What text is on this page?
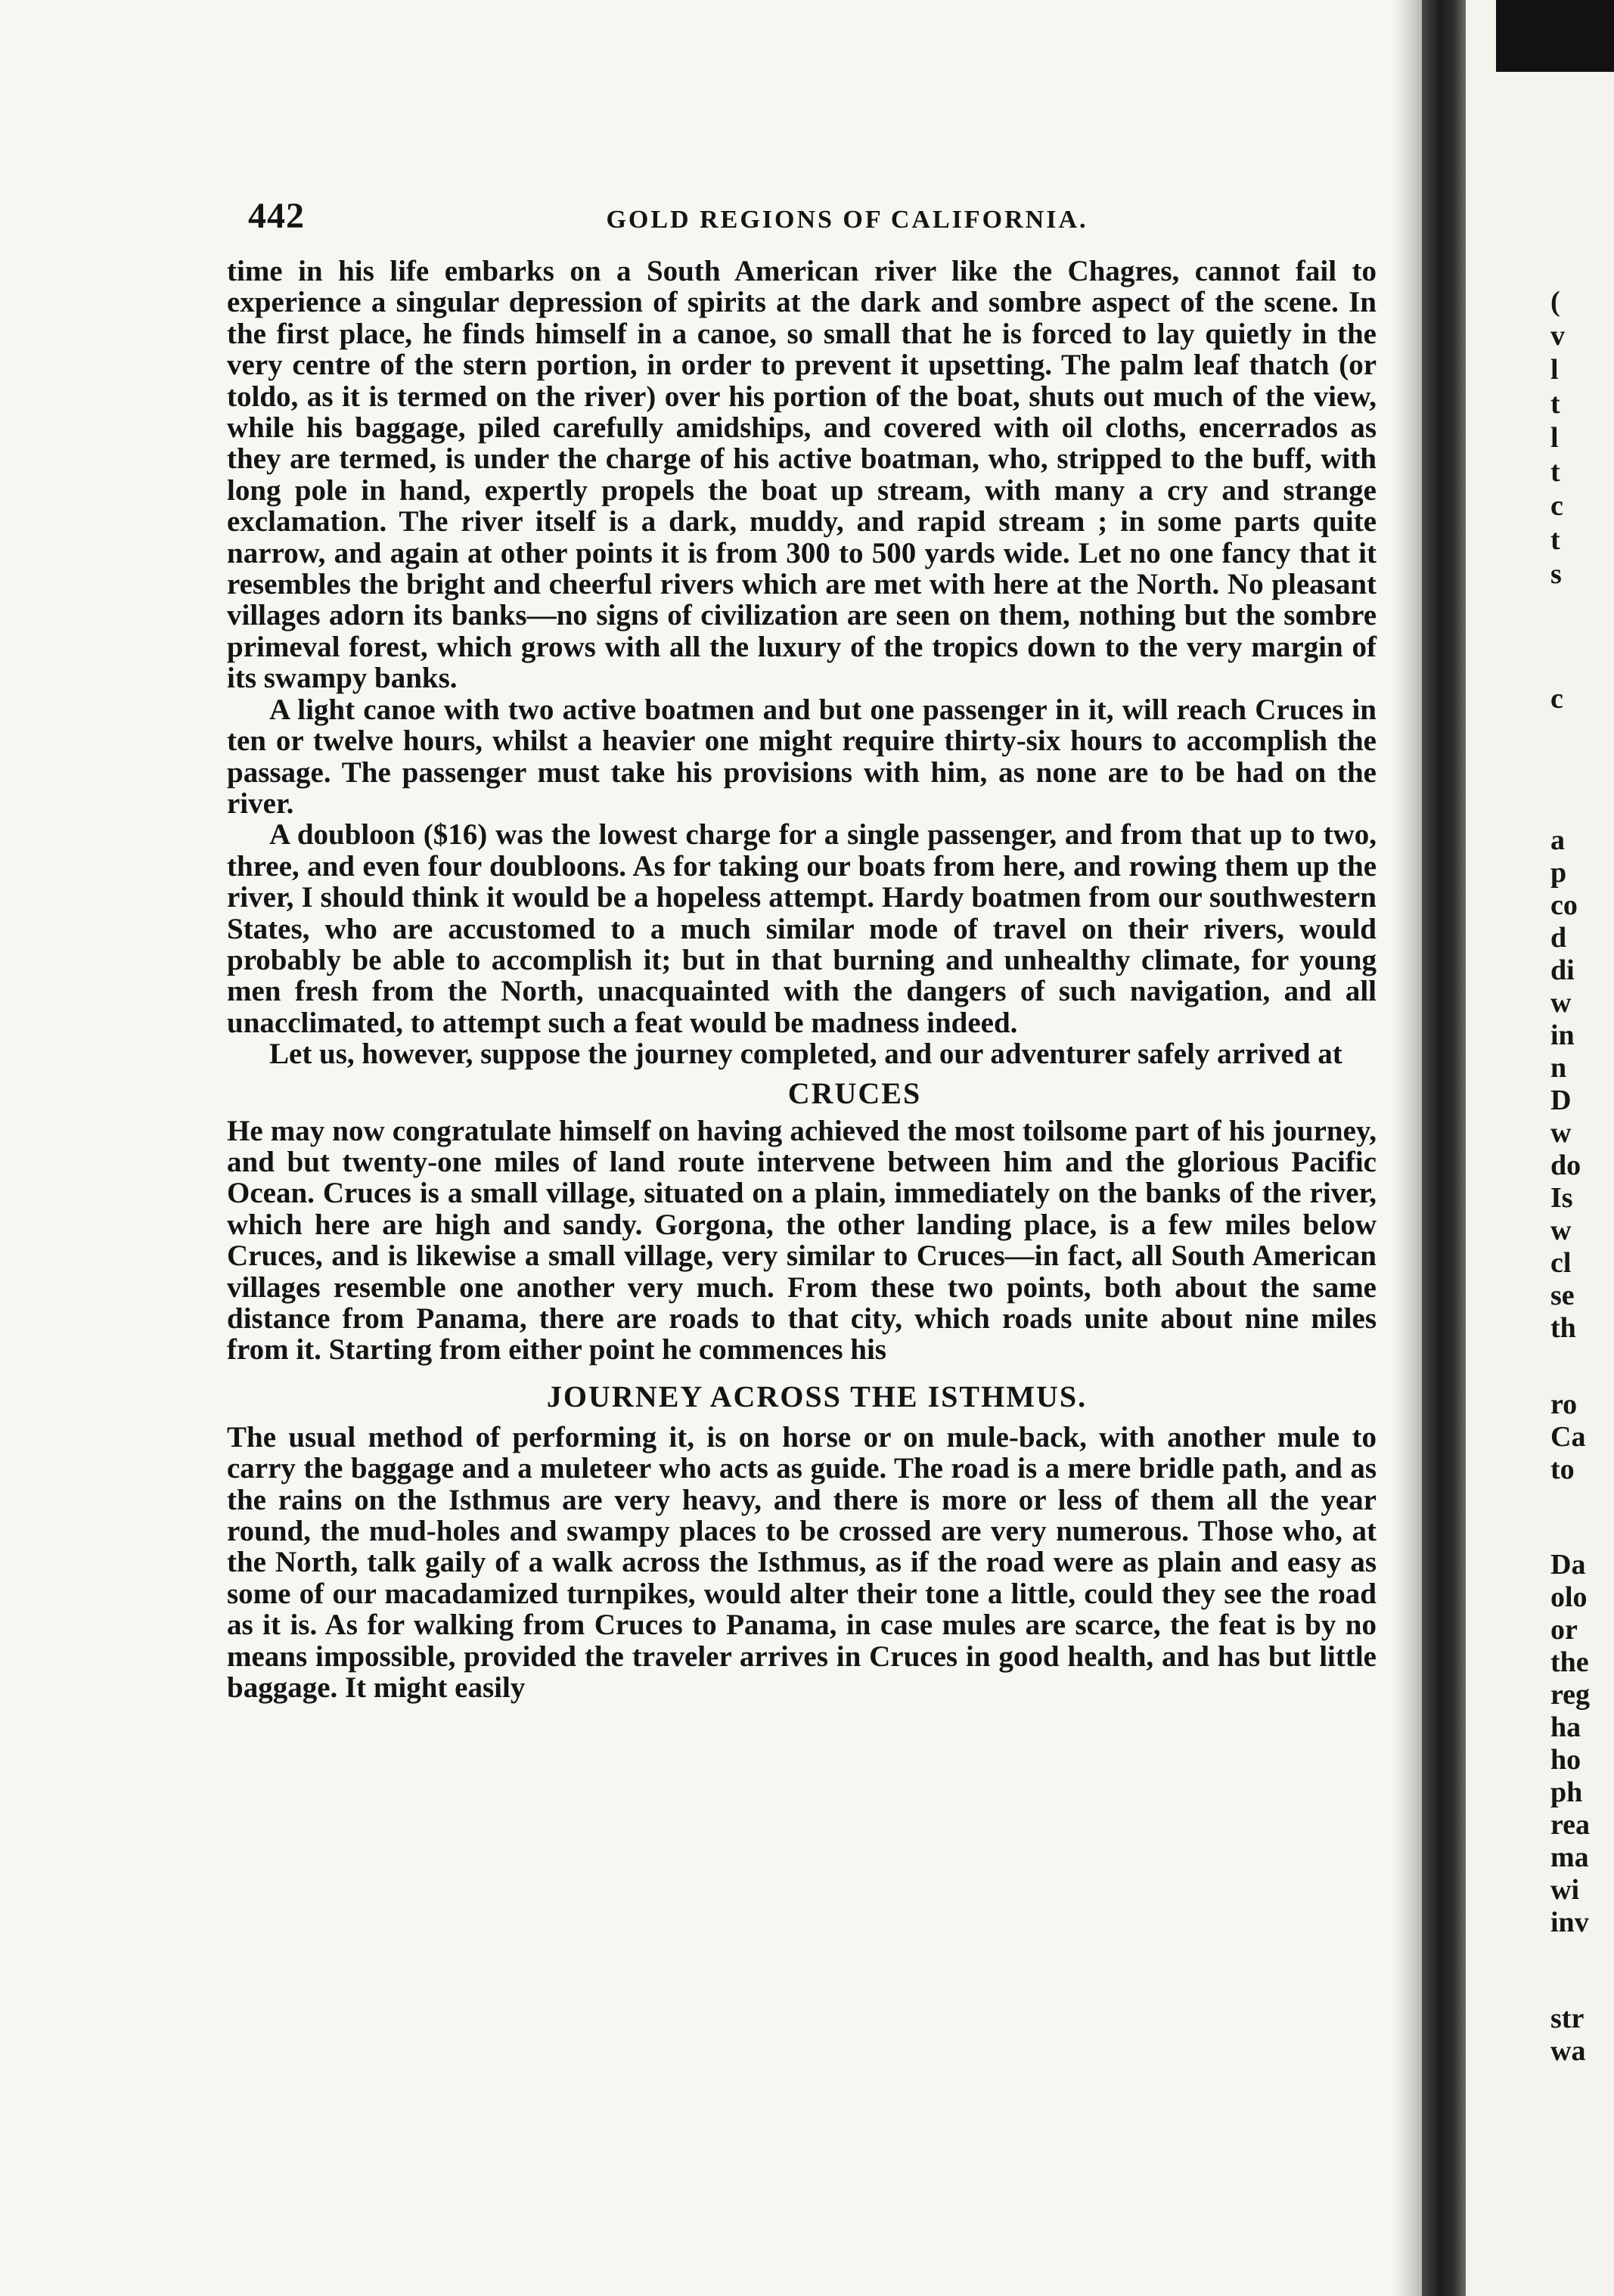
(
v
l
t
l
t
c
t
s
c
a
p
co
d
di
w
in
n
D
w
do
Is
w
cl
se
th
ro
Ca
to
Da
olo
or
the
reg
ha
ho
ph
rea
ma
wi
inv
str
wa
442	GOLD REGIONS OF CALIFORNIA.

time in his life embarks on a South American river like the Chagres, cannot fail to experience a singular depression of spirits at the dark and sombre aspect of the scene. In the first place, he finds himself in a canoe, so small that he is forced to lay quietly in the very centre of the stern portion, in order to prevent it upsetting. The palm leaf thatch (or toldo, as it is termed on the river) over his portion of the boat, shuts out much of the view, while his baggage, piled carefully amidships, and covered with oil cloths, encerrados as they are termed, is under the charge of his active boatman, who, stripped to the buff, with long pole in hand, expertly propels the boat up stream, with many a cry and strange exclamation. The river itself is a dark, muddy, and rapid stream ; in some parts quite narrow, and again at other points it is from 300 to 500 yards wide. Let no one fancy that it resembles the bright and cheerful rivers which are met with here at the North. No pleasant villages adorn its banks—no signs of civilization are seen on them, nothing but the sombre primeval forest, which grows with all the luxury of the tropics down to the very margin of its swampy banks.

A light canoe with two active boatmen and but one passenger in it, will reach Cruces in ten or twelve hours, whilst a heavier one might require thirty-six hours to accomplish the passage. The passenger must take his provisions with him, as none are to be had on the river.

A doubloon ($16) was the lowest charge for a single passenger, and from that up to two, three, and even four doubloons. As for taking our boats from here, and rowing them up the river, I should think it would be a hopeless attempt. Hardy boatmen from our southwestern States, who are accustomed to a much similar mode of travel on their rivers, would probably be able to accomplish it; but in that burning and unhealthy climate, for young men fresh from the North, unacquainted with the dangers of such navigation, and all unacclimated, to attempt such a feat would be madness indeed.

Let us, however, suppose the journey completed, and our adventurer safely arrived at

CRUCES

He may now congratulate himself on having achieved the most toilsome part of his journey, and but twenty-one miles of land route intervene between him and the glorious Pacific Ocean. Cruces is a small village, situated on a plain, immediately on the banks of the river, which here are high and sandy. Gorgona, the other landing place, is a few miles below Cruces, and is likewise a small village, very similar to Cruces—in fact, all South American villages resemble one another very much. From these two points, both about the same distance from Panama, there are roads to that city, which roads unite about nine miles from it. Starting from either point he commences his

JOURNEY ACROSS THE ISTHMUS.

The usual method of performing it, is on horse or on mule-back, with another mule to carry the baggage and a muleteer who acts as guide. The road is a mere bridle path, and as the rains on the Isthmus are very heavy, and there is more or less of them all the year round, the mud-holes and swampy places to be crossed are very numerous. Those who, at the North, talk gaily of a walk across the Isthmus, as if the road were as plain and easy as some of our macadamized turnpikes, would alter their tone a little, could they see the road as it is. As for walking from Cruces to Panama, in case mules are scarce, the feat is by no means impossible, provided the traveler arrives in Cruces in good health, and has but little baggage. It might easily
